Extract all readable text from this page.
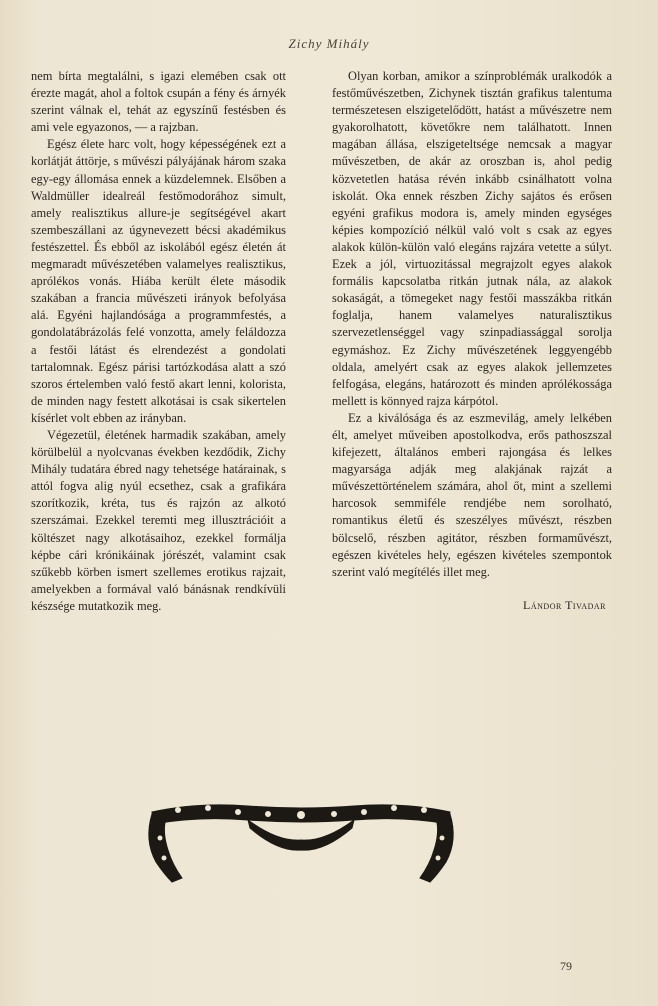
Zichy Mihály

nem bírta megtalálni, s igazi elemében csak ott érezte magát, ahol a foltok csupán a fény és árnyék szerint válnak el, tehát az egyszínű festésben és ami vele egyazonos, — a rajzban.

Egész élete harc volt, hogy képességének ezt a korlátját áttörje, s művészi pályájának három szaka egy-egy állomása ennek a küzdelemnek. Elsőben a Waldmüller idealreál festőmodorához simult, amely realisztikus allure-je segítségével akart szembeszállani az úgynevezett bécsi akadémikus festészettel. És ebből az iskolából egész életén át megmaradt művészetében valamelyes realisztikus, aprólékos vonás. Hiába került élete második szakában a francia művészeti irányok befolyása alá. Egyéni hajlandósága a programmfestés, a gondolatábrázolás felé vonzotta, amely feláldozza a festői látást és elrendezést a gondolati tartalomnak. Egész párisi tartózkodása alatt a szó szoros értelemben való festő akart lenni, kolorista, de minden nagy festett alkotásai is csak sikertelen kísérlet volt ebben az irányban.

Végezetül, életének harmadik szakában, amely körülbelül a nyolcvanas években kezdődik, Zichy Mihály tudatára ébred nagy tehetsége határainak, s attól fogva alig nyúl ecsethez, csak a grafikára szorítkozik, kréta, tus és rajzón az alkotó szerszámai. Ezekkel teremti meg illusztrációit a költészet nagy alkotásaihoz, ezekkel formálja képbe cári krónikáinak jórészét, valamint csak szűkebb körben ismert szellemes erotikus rajzait, amelyekben a formával való bánásnak rendkívüli készsége mutatkozik meg.

Olyan korban, amikor a színproblémák uralkodók a festőművészetben, Zichynek tisztán grafikus talentuma természetesen elszigetelődött, hatást a művészetre nem gyakorolhatott, követőkre nem találhatott. Innen magában állása, elszigeteltsége nemcsak a magyar művészetben, de akár az oroszban is, ahol pedig közvetetlen hatása révén inkább csinálhatott volna iskolát. Oka ennek részben Zichy sajátos és erősen egyéni grafikus modora is, amely minden egységes képies kompozíció nélkül való volt s csak az egyes alakok külön-külön való elegáns rajzára vetette a súlyt. Ezek a jól, virtuozitással megrajzolt egyes alakok formális kapcsolatba ritkán jutnak nála, az alakok sokaságát, a tömegeket nagy festői masszákba ritkán foglalja, hanem valamelyes naturalisztikus szervezetlenséggel vagy szinpadiassággal sorolja egymáshoz. Ez Zichy művészetének leggyengébb oldala, amelyért csak az egyes alakok jellemzetes felfogása, elegáns, határozott és minden aprólékossága mellett is könnyed rajza kárpótol.

Ez a kiválósága és az eszmevilág, amely lelkében élt, amelyet műveiben apostolkodva, erős pathoszszal kifejezett, általános emberi rajongása és lelkes magyarsága adják meg alakjának rajzát a művészettörténelem számára, ahol őt, mint a szellemi harcosok semmiféle rendjébe nem sorolható, romantikus életű és szeszélyes művészt, részben bölcselő, részben agitátor, részben formaművészt, egészen kivételes hely, egészen kivételes szempontok szerint való megítélés illet meg.

Lándor Tivadar
79
